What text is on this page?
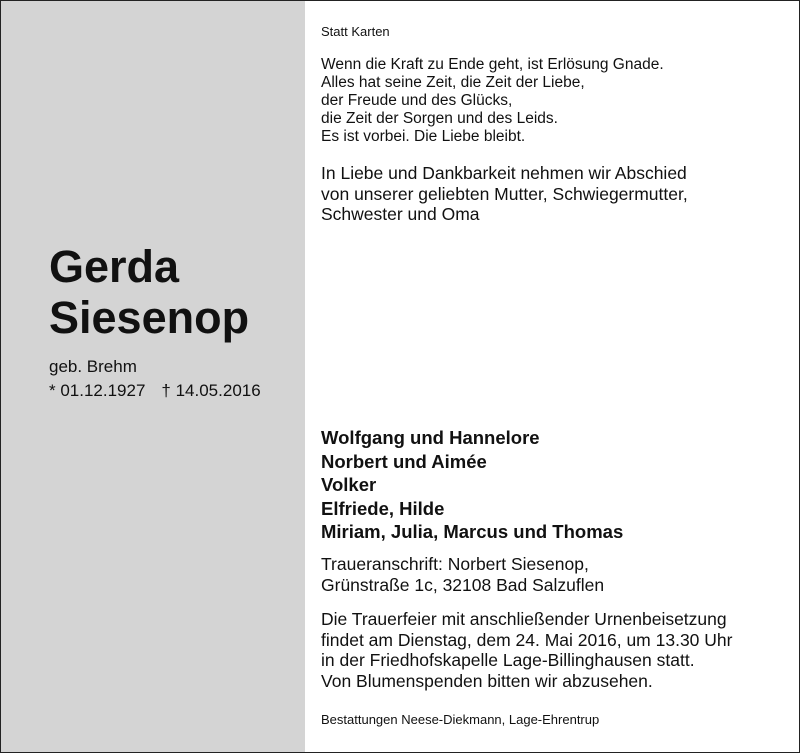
Gerda
Siesenop
geb. Brehm
* 01.12.1927 † 14.05.2016
Statt Karten
Wenn die Kraft zu Ende geht, ist Erlösung Gnade.
Alles hat seine Zeit, die Zeit der Liebe,
der Freude und des Glücks,
die Zeit der Sorgen und des Leids.
Es ist vorbei. Die Liebe bleibt.
In Liebe und Dankbarkeit nehmen wir Abschied
von unserer geliebten Mutter, Schwiegermutter,
Schwester und Oma
Wolfgang und Hannelore
Norbert und Aimée
Volker
Elfriede, Hilde
Miriam, Julia, Marcus und Thomas
Traueranschrift: Norbert Siesenop,
Grünstraße 1c, 32108 Bad Salzuflen
Die Trauerfeier mit anschließender Urnenbeisetzung
findet am Dienstag, dem 24. Mai 2016, um 13.30 Uhr
in der Friedhofskapelle Lage-Billinghausen statt.
Von Blumenspenden bitten wir abzusehen.
Bestattungen Neese-Diekmann, Lage-Ehrentrup
